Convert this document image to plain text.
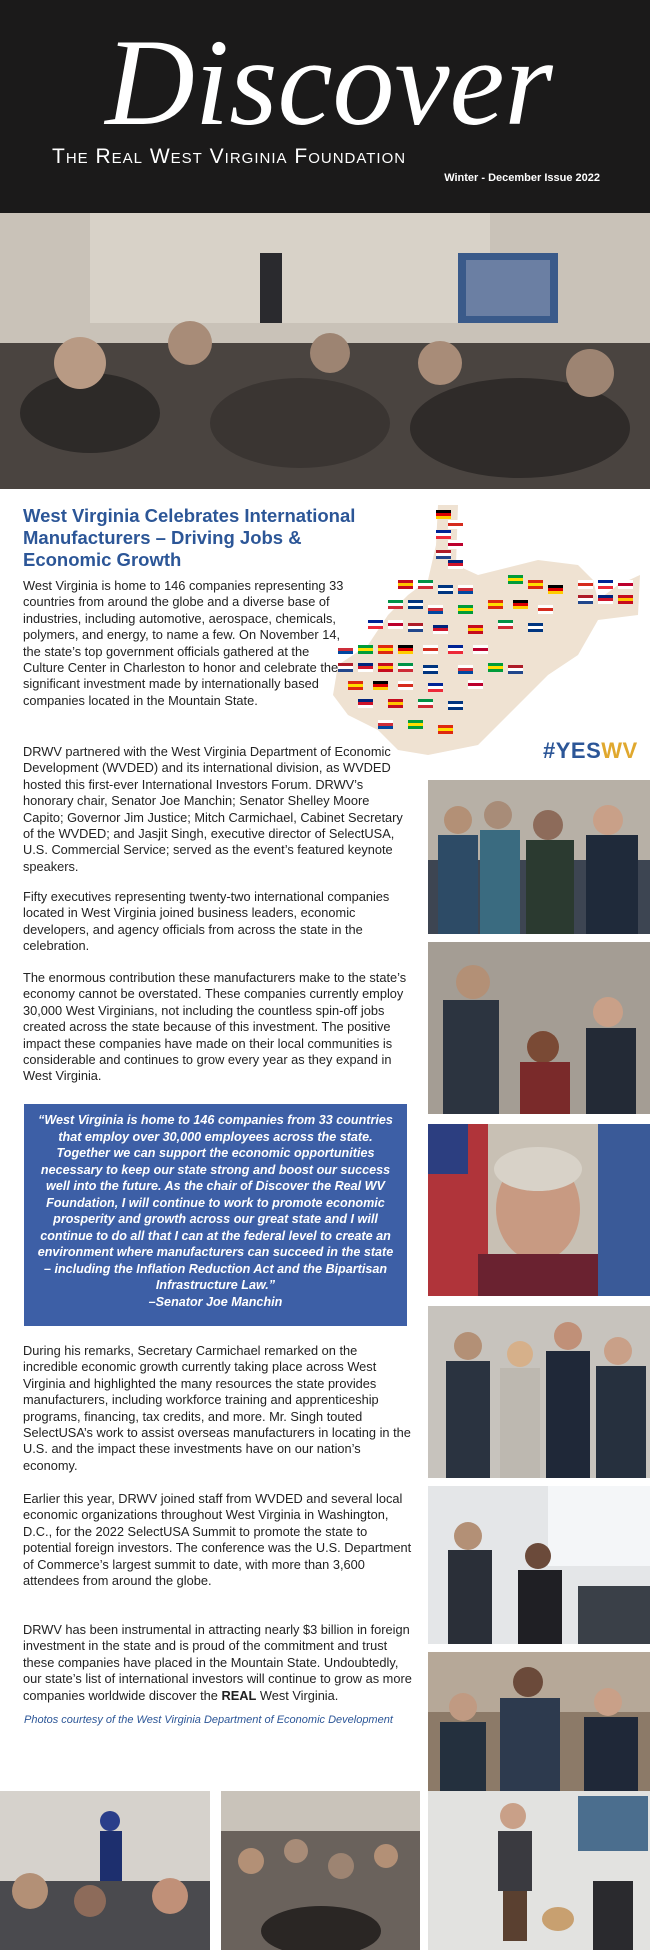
Discover
The Real West Virginia Foundation
Winter - December Issue 2022
West Virginia Celebrates International Manufacturers – Driving Jobs & Economic Growth
#YESWV

West Virginia is home to 146 companies representing 33 countries from around the globe and a diverse base of industries, including automotive, aerospace, chemicals, polymers, and energy, to name a few. On November 14, the state’s top government officials gathered at the Culture Center in Charleston to honor and celebrate the significant investment made by internationally based companies located in the Mountain State.

DRWV partnered with the West Virginia Department of Economic Development (WVDED) and its international division, as WVDED hosted this first-ever International Investors Forum. DRWV’s honorary chair, Senator Joe Manchin; Senator Shelley Moore Capito; Governor Jim Justice; Mitch Carmichael, Cabinet Secretary of the WVDED; and Jasjit Singh, executive director of SelectUSA, U.S. Commercial Service; served as the event’s featured keynote speakers.

Fifty executives representing twenty-two international companies located in West Virginia joined business leaders, economic developers, and agency officials from across the state in the celebration.

The enormous contribution these manufacturers make to the state’s economy cannot be overstated. These companies currently employ 30,000 West Virginians, not including the countless spin-off jobs created across the state because of this investment. The positive impact these companies have made on their local communities is considerable and continues to grow every year as they expand in West Virginia.

“West Virginia is home to 146 companies from 33 countries that employ over 30,000 employees across the state. Together we can support the economic opportunities necessary to keep our state strong and boost our success well into the future. As the chair of Discover the Real WV Foundation, I will continue to work to promote economic prosperity and growth across our great state and I will continue to do all that I can at the federal level to create an environment where manufacturers can succeed in the state – including the Inflation Reduction Act and the Bipartisan Infrastructure Law.”
–Senator Joe Manchin

During his remarks, Secretary Carmichael remarked on the incredible economic growth currently taking place across West Virginia and highlighted the many resources the state provides manufacturers, including workforce training and apprenticeship programs, financing, tax credits, and more. Mr. Singh touted SelectUSA’s work to assist overseas manufacturers in locating in the U.S. and the impact these investments have on our nation’s economy.

Earlier this year, DRWV joined staff from WVDED and several local economic organizations throughout West Virginia in Washington, D.C., for the 2022 SelectUSA Summit to promote the state to potential foreign investors. The conference was the U.S. Department of Commerce’s largest summit to date, with more than 3,600 attendees from around the globe.

DRWV has been instrumental in attracting nearly $3 billion in foreign investment in the state and is proud of the commitment and trust these companies have placed in the Mountain State. Undoubtedly, our state’s list of international investors will continue to grow as more companies worldwide discover the REAL West Virginia.

Photos courtesy of the West Virginia Department of Economic Development
